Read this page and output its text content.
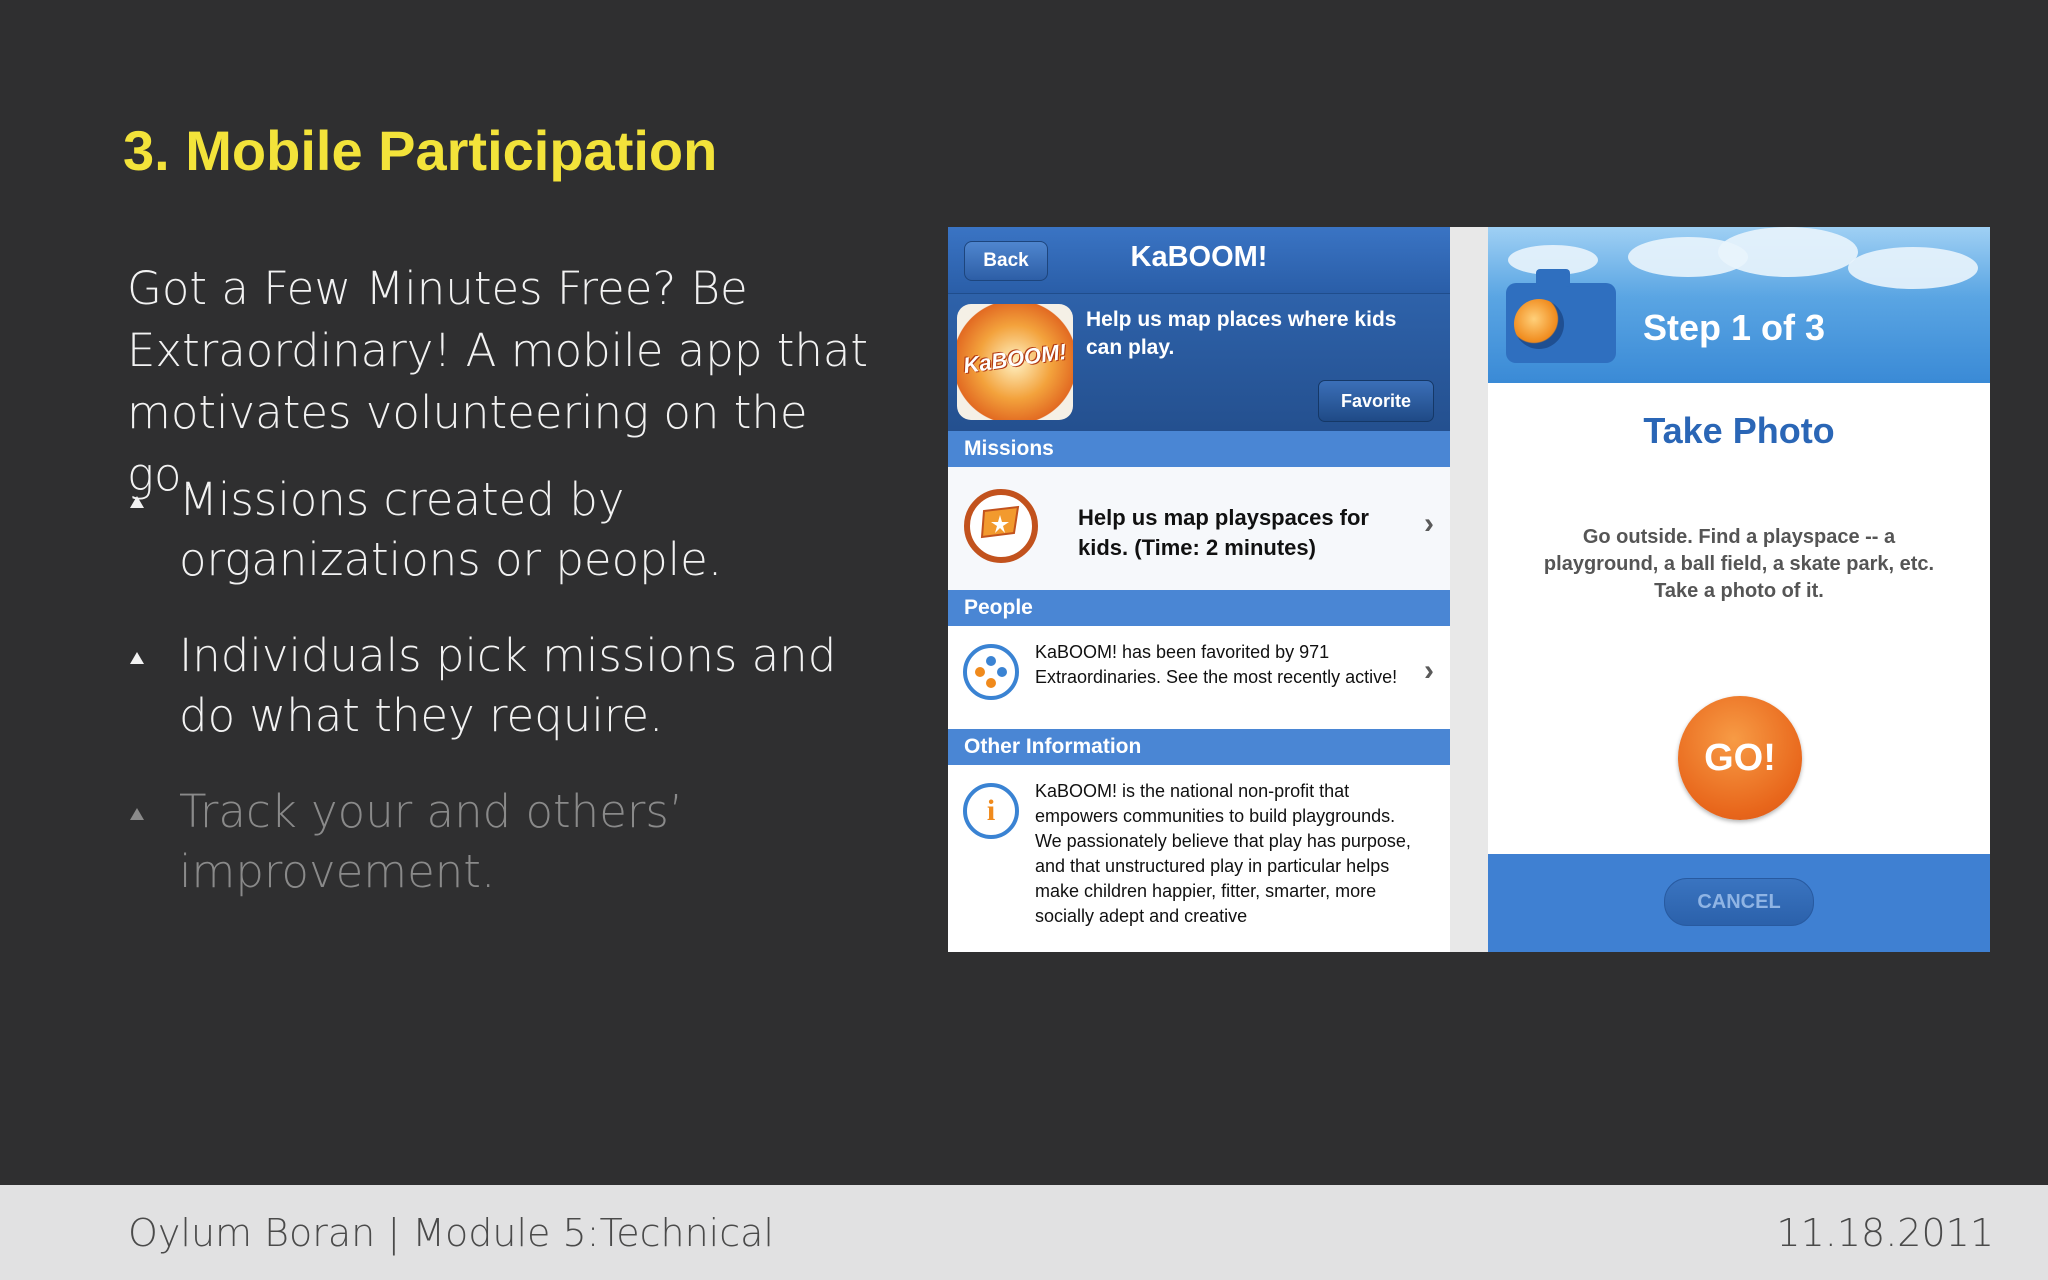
3. Mobile Participation

Got a Few Minutes Free? Be Extraordinary! A mobile app that motivates volunteering on the go.

Missions created by organizations or people.
Individuals pick missions and do what they require.
Track your and others’ improvement.
Back	KaBOOM!
KaBOOM!
Help us map places where kids can play.
Favorite
Missions
Help us map playspaces for kids. (Time: 2 minutes)
›
People
KaBOOM! has been favorited by 971 Extraordinaries. See the most recently active! ›
Other Information
i
KaBOOM! is the national non-profit that empowers communities to build playgrounds. We passionately believe that play has purpose, and that unstructured play in particular helps make children happier, fitter, smarter, more socially adept and creative
Step 1 of 3
Take Photo
Go outside. Find a playspace -- a playground, a ball field, a skate park, etc. Take a photo of it.
GO!
CANCEL
Oylum Boran | Module 5:Technical	11.18.2011
